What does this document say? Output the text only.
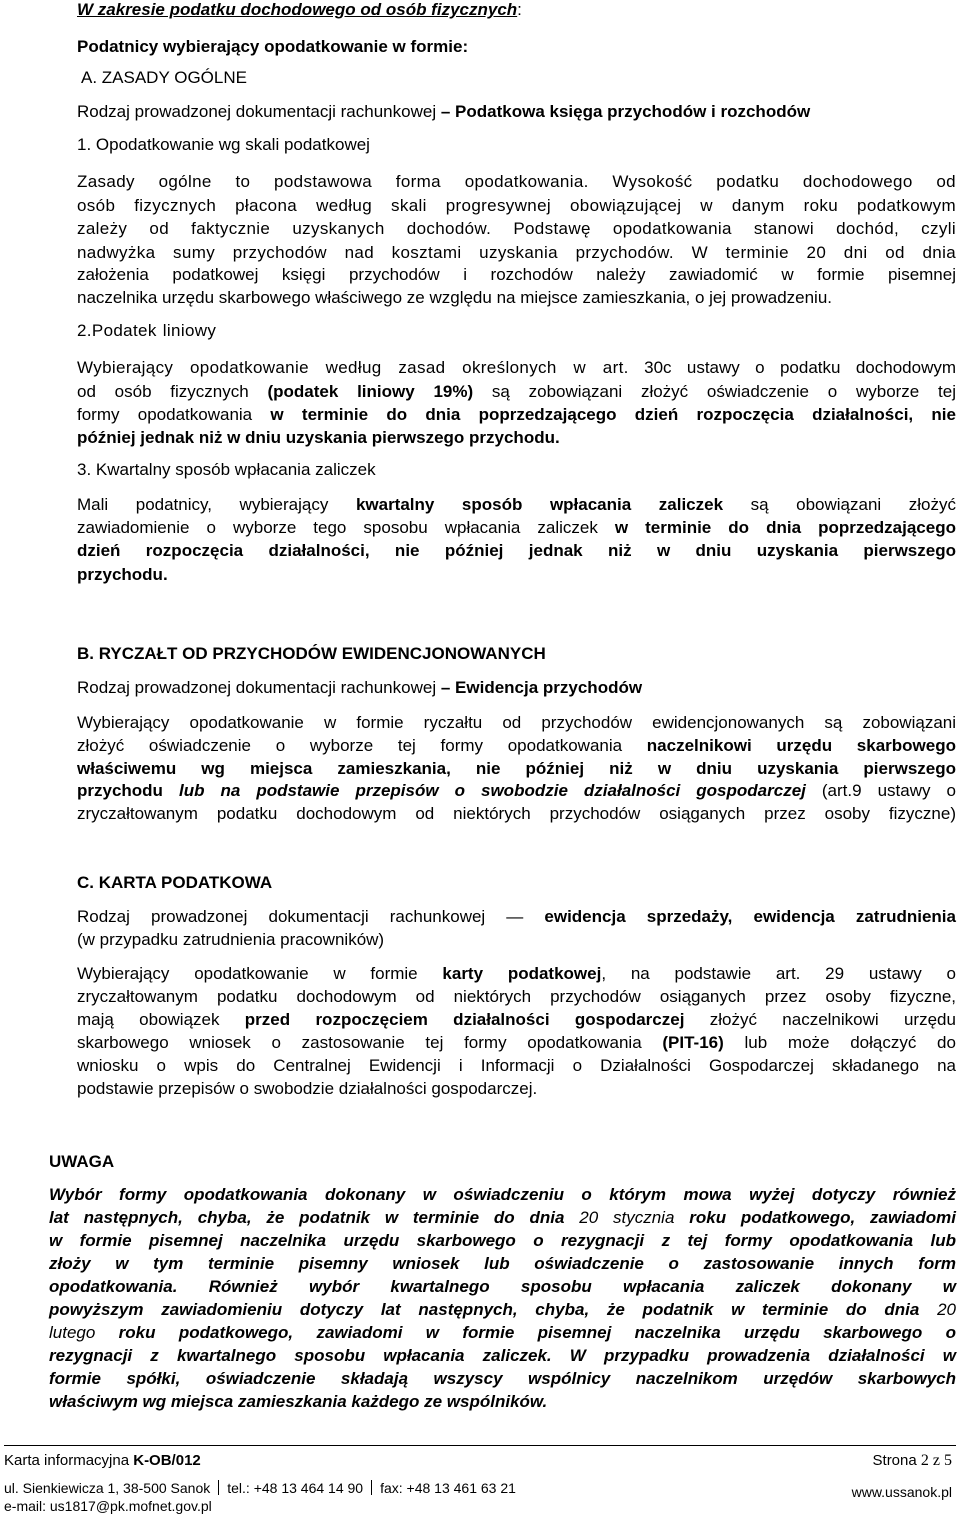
W zakresie podatku dochodowego od osób fizycznych:
Podatnicy wybierający opodatkowanie w formie:
A. ZASADY OGÓLNE
Rodzaj prowadzonej dokumentacji rachunkowej – Podatkowa księga przychodów i rozchodów
1. Opodatkowanie wg skali podatkowej
Zasady ogólne to podstawowa forma opodatkowania. Wysokość podatku dochodowego od
osób fizycznych płacona według skali progresywnej obowiązującej w danym roku podatkowym
zależy od faktycznie uzyskanych dochodów. Podstawę opodatkowania stanowi dochód, czyli
nadwyżka sumy przychodów nad kosztami uzyskania przychodów. W terminie 20 dni od dnia
założenia podatkowej księgi przychodów i rozchodów należy zawiadomić w formie pisemnej
naczelnika urzędu skarbowego właściwego ze względu na miejsce zamieszkania, o jej prowadzeniu.
2.Podatek liniowy
Wybierający opodatkowanie według zasad określonych w art. 30c ustawy o podatku dochodowym
od osób fizycznych (podatek liniowy 19%) są zobowiązani złożyć oświadczenie o wyborze tej
formy opodatkowania w terminie do dnia poprzedzającego dzień rozpoczęcia działalności, nie
później jednak niż w dniu uzyskania pierwszego przychodu.
3. Kwartalny sposób wpłacania zaliczek
Mali podatnicy, wybierający kwartalny sposób wpłacania zaliczek są obowiązani złożyć
zawiadomienie o wyborze tego sposobu wpłacania zaliczek w terminie do dnia poprzedzającego
dzień rozpoczęcia działalności, nie później jednak niż w dniu uzyskania pierwszego
przychodu.
B. RYCZAŁT OD PRZYCHODÓW EWIDENCJONOWANYCH
Rodzaj prowadzonej dokumentacji rachunkowej – Ewidencja przychodów
Wybierający opodatkowanie w formie ryczałtu od przychodów ewidencjonowanych są zobowiązani
złożyć oświadczenie o wyborze tej formy opodatkowania naczelnikowi urzędu skarbowego
właściwemu wg miejsca zamieszkania, nie później niż w dniu uzyskania pierwszego
przychodu lub na podstawie przepisów o swobodzie działalności gospodarczej (art.9 ustawy o
zryczałtowanym podatku dochodowym od niektórych przychodów osiąganych przez osoby fizyczne)
C. KARTA PODATKOWA
Rodzaj prowadzonej dokumentacji rachunkowej — ewidencja sprzedaży, ewidencja zatrudnienia
(w przypadku zatrudnienia pracowników)
Wybierający opodatkowanie w formie karty podatkowej, na podstawie art. 29 ustawy o
zryczałtowanym podatku dochodowym od niektórych przychodów osiąganych przez osoby fizyczne,
mają obowiązek przed rozpoczęciem działalności gospodarczej złożyć naczelnikowi urzędu
skarbowego wniosek o zastosowanie tej formy opodatkowania (PIT-16) lub może dołączyć do
wniosku o wpis do Centralnej Ewidencji i Informacji o Działalności Gospodarczej składanego na
podstawie przepisów o swobodzie działalności gospodarczej.
UWAGA
Wybór formy opodatkowania dokonany w oświadczeniu o którym mowa wyżej dotyczy również
lat następnych, chyba, że podatnik w terminie do dnia 20 stycznia roku podatkowego, zawiadomi
w formie pisemnej naczelnika urzędu skarbowego o rezygnacji z tej formy opodatkowania lub
złoży w tym terminie pisemny wniosek lub oświadczenie o zastosowanie innych form
opodatkowania. Również wybór kwartalnego sposobu wpłacania zaliczek dokonany w
powyższym zawiadomieniu dotyczy lat następnych, chyba, że podatnik w terminie do dnia 20
lutego roku podatkowego, zawiadomi w formie pisemnej naczelnika urzędu skarbowego o
rezygnacji z kwartalnego sposobu wpłacania zaliczek. W przypadku prowadzenia działalności w
formie spółki, oświadczenie składają wszyscy wspólnicy naczelnikom urzędów skarbowych
właściwym wg miejsca zamieszkania każdego ze wspólników.
Karta informacyjna K-OB/012	Strona 2 z 5
ul. Sienkiewicza 1, 38-500 Sanok tel.: +48 13 464 14 90 fax: +48 13 461 63 21
e-mail: us1817@pk.mofnet.gov.pl
www.ussanok.pl
